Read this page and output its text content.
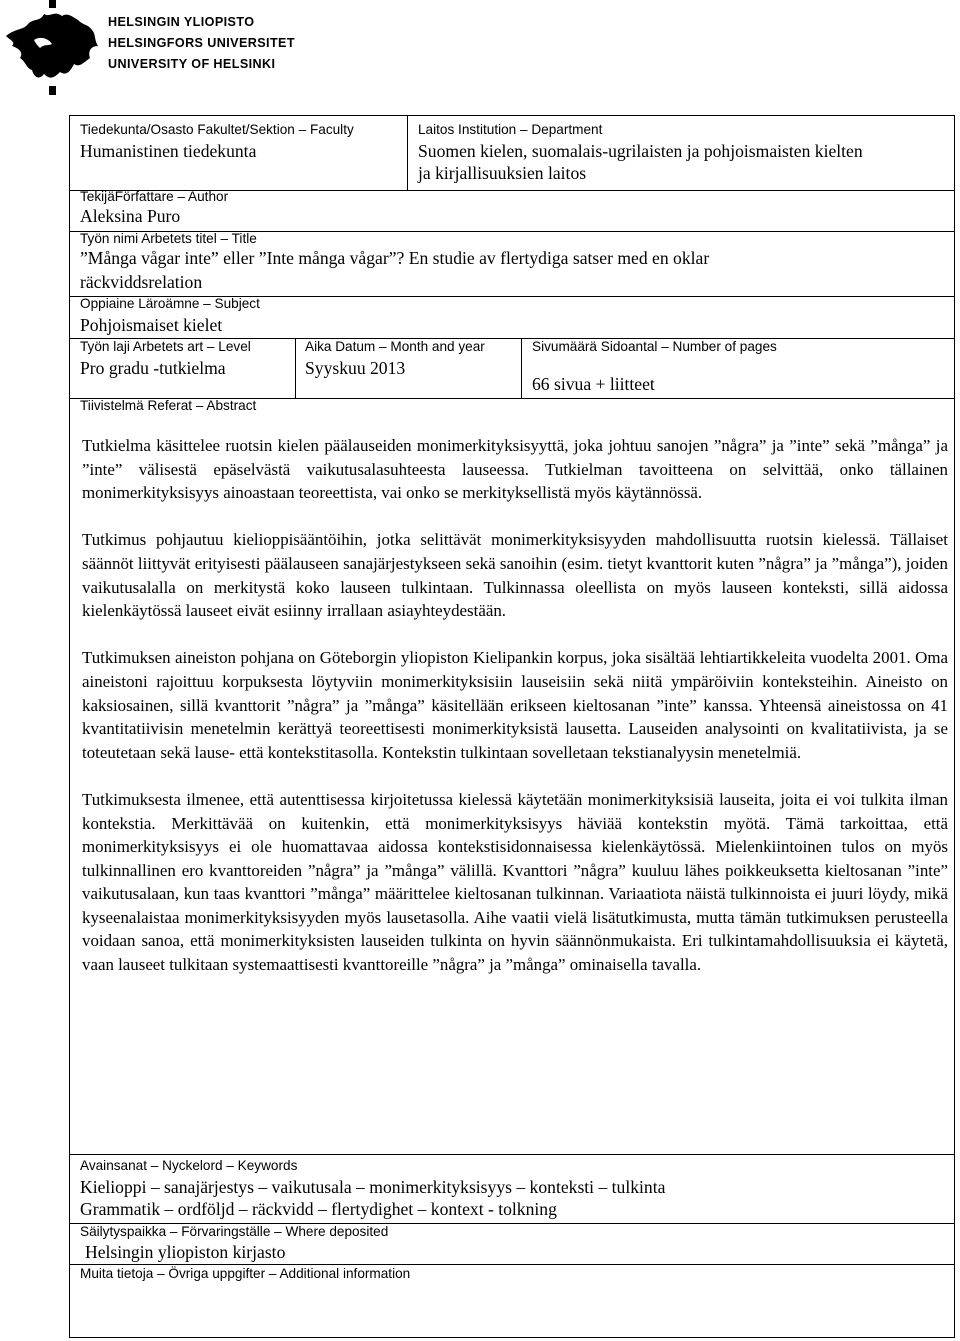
HELSINGIN YLIOPISTO
HELSINGFORS UNIVERSITET
UNIVERSITY OF HELSINKI
Tiedekunta/Osasto Fakultet/Sektion – Faculty
Humanistinen tiedekunta
Laitos Institution – Department
Suomen kielen, suomalais-ugrilaisten ja pohjoismaisten kielten
ja kirjallisuuksien laitos
TekijäFörfattare – Author
Aleksina Puro
Työn nimi Arbetets titel – Title
”Många vågar inte” eller ”Inte många vågar”? En studie av flertydiga satser med en oklar
räckviddsrelation
Oppiaine Läroämne – Subject
Pohjoismaiset kielet
Työn laji Arbetets art – Level
Pro gradu -tutkielma
Aika Datum – Month and year
Syyskuu 2013
Sivumäärä Sidoantal – Number of pages
66 sivua + liitteet
Tiivistelmä Referat – Abstract

Tutkielma käsittelee ruotsin kielen päälauseiden monimerkityksisyyttä, joka johtuu sanojen ”några” ja ”inte” sekä ”många” ja ”inte” välisestä epäselvästä vaikutusalasuhteesta lauseessa. Tutkielman tavoitteena on selvittää, onko tällainen monimerkityksisyys ainoastaan teoreettista, vai onko se merkityksellistä myös käytännössä.

Tutkimus pohjautuu kielioppisääntöihin, jotka selittävät monimerkityksisyyden mahdollisuutta ruotsin kielessä. Tällaiset säännöt liittyvät erityisesti päälauseen sanajärjestykseen sekä sanoihin (esim. tietyt kvanttorit kuten ”några” ja ”många”), joiden vaikutusalalla on merkitystä koko lauseen tulkintaan. Tulkinnassa oleellista on myös lauseen konteksti, sillä aidossa kielenkäytössä lauseet eivät esiinny irrallaan asiayhteydestään.

Tutkimuksen aineiston pohjana on Göteborgin yliopiston Kielipankin korpus, joka sisältää lehtiartikkeleita vuodelta 2001. Oma aineistoni rajoittuu korpuksesta löytyviin monimerkityksisiin lauseisiin sekä niitä ympäröiviin konteksteihin. Aineisto on kaksiosainen, sillä kvanttorit ”några” ja ”många” käsitellään erikseen kieltosanan ”inte” kanssa. Yhteensä aineistossa on 41 kvantitatiivisin menetelmin kerättyä teoreettisesti monimerkityksistä lausetta. Lauseiden analysointi on kvalitatiivista, ja se toteutetaan sekä lause- että kontekstitasolla. Kontekstin tulkintaan sovelletaan tekstianalyysin menetelmiä.

Tutkimuksesta ilmenee, että autenttisessa kirjoitetussa kielessä käytetään monimerkityksisiä lauseita, joita ei voi tulkita ilman kontekstia. Merkittävää on kuitenkin, että monimerkityksisyys häviää kontekstin myötä. Tämä tarkoittaa, että monimerkityksisyys ei ole huomattavaa aidossa kontekstisidonnaisessa kielenkäytössä. Mielenkiintoinen tulos on myös tulkinnallinen ero kvanttoreiden ”några” ja ”många” välillä. Kvanttori ”några” kuuluu lähes poikkeuksetta kieltosanan ”inte” vaikutusalaan, kun taas kvanttori ”många” määrittelee kieltosanan tulkinnan. Variaatiota näistä tulkinnoista ei juuri löydy, mikä kyseenalaistaa monimerkityksisyyden myös lausetasolla. Aihe vaatii vielä lisätutkimusta, mutta tämän tutkimuksen perusteella voidaan sanoa, että monimerkityksisten lauseiden tulkinta on hyvin säännönmukaista. Eri tulkintamahdollisuuksia ei käytetä, vaan lauseet tulkitaan systemaattisesti kvanttoreille ”några” ja ”många” ominaisella tavalla.

Avainsanat – Nyckelord – Keywords
Kielioppi – sanajärjestys – vaikutusala – monimerkityksisyys – konteksti – tulkinta
Grammatik – ordföljd – räckvidd – flertydighet – kontext - tolkning
Säilytyspaikka – Förvaringställe – Where deposited
Helsingin yliopiston kirjasto
Muita tietoja – Övriga uppgifter – Additional information
